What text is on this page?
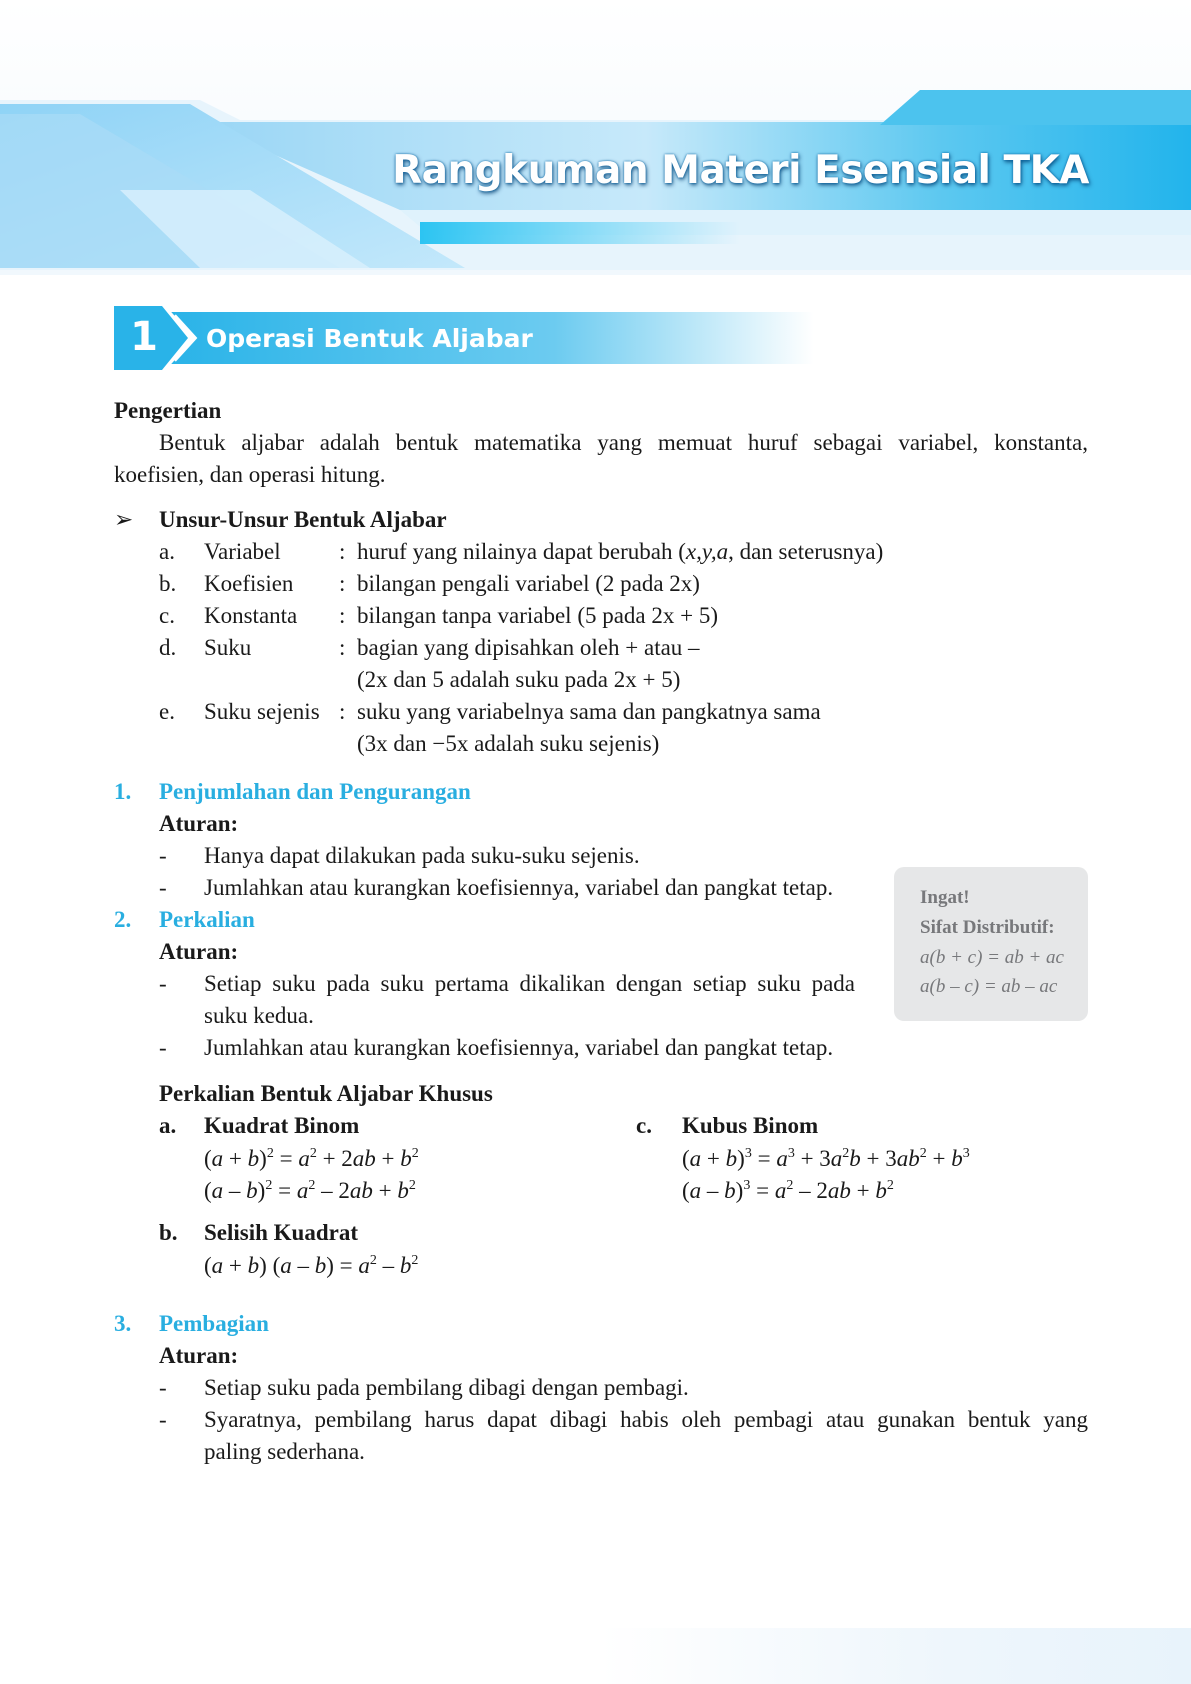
Rangkuman Materi Esensial TKA
1 Operasi Bentuk Aljabar
Pengertian
Bentuk aljabar adalah bentuk matematika yang memuat huruf sebagai variabel, konstanta,
koefisien, dan operasi hitung.
➢ Unsur-Unsur Bentuk Aljabar
a. Variabel	: huruf yang nilainya dapat berubah (x,y,a, dan seterusnya)
b. Koefisien : bilangan pengali variabel (2 pada 2x)
c. Konstanta : bilangan tanpa variabel (5 pada 2x + 5)
d. Suku	: bagian yang dipisahkan oleh + atau –
(2x dan 5 adalah suku pada 2x + 5)
e. Suku sejenis : suku yang variabelnya sama dan pangkatnya sama
(3x dan −5x adalah suku sejenis)
1. Penjumlahan dan Pengurangan
Aturan:
- Hanya dapat dilakukan pada suku-suku sejenis.
- Jumlahkan atau kurangkan koefisiennya, variabel dan pangkat tetap.
2. Perkalian
Aturan:
- Setiap suku pada suku pertama dikalikan dengan setiap suku pada
suku kedua.
- Jumlahkan atau kurangkan koefisiennya, variabel dan pangkat tetap.
Ingat!
Sifat Distributif:
a(b + c) = ab + ac
a(b – c) = ab – ac
Perkalian Bentuk Aljabar Khusus
a. Kuadrat Binom
$(a + b)^2 = a^2 + 2ab + b^2$
$(a - b)^2 = a^2 - 2ab + b^2$
c. Kubus Binom
$(a + b)^3 = a^3 + 3a^2b + 3ab^2 + b^3$
$(a - b)^3 = a^2 - 2ab + b^2$
b. Selisih Kuadrat
(a + b) $(a - b) = a^2 - b^2$
3. Pembagian
Aturan:
- Setiap suku pada pembilang dibagi dengan pembagi.
- Syaratnya, pembilang harus dapat dibagi habis oleh pembagi atau gunakan bentuk yang
paling sederhana.
